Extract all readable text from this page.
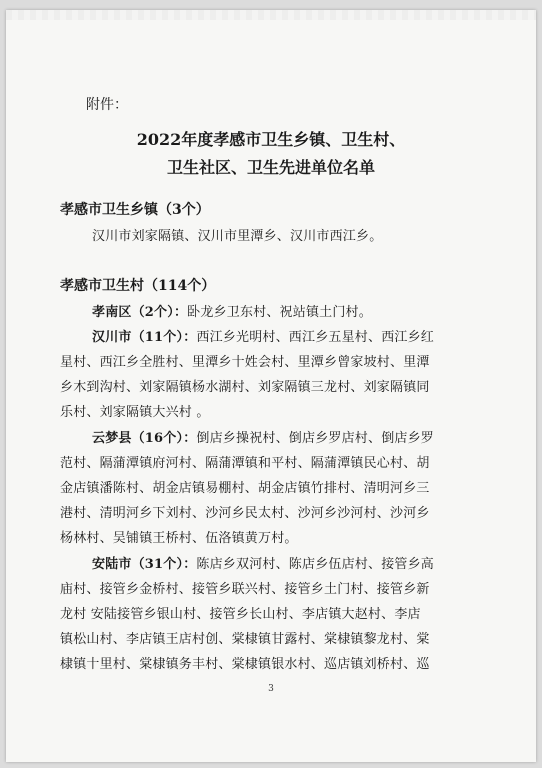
附件：
2022年度孝感市卫生乡镇、卫生村、
卫生社区、卫生先进单位名单
孝感市卫生乡镇（3个）
汉川市刘家隔镇、汉川市里潭乡、汉川市西江乡。
孝感市卫生村（114个）
孝南区（2个）：卧龙乡卫东村、祝站镇土门村。
汉川市（11个）：西江乡光明村、西江乡五星村、西江乡红
星村、西江乡全胜村、里潭乡十姓会村、里潭乡曾家坡村、里潭
乡木到沟村、刘家隔镇杨水湖村、刘家隔镇三龙村、刘家隔镇同
乐村、刘家隔镇大兴村 。
云梦县（16个）：倒店乡操祝村、倒店乡罗店村、倒店乡罗
范村、隔蒲潭镇府河村、隔蒲潭镇和平村、隔蒲潭镇民心村、胡
金店镇潘陈村、胡金店镇易棚村、胡金店镇竹排村、清明河乡三
港村、清明河乡下刘村、沙河乡民太村、沙河乡沙河村、沙河乡
杨林村、吴铺镇王桥村、伍洛镇黄万村。
安陆市（31个）：陈店乡双河村、陈店乡伍店村、接管乡高
庙村、接管乡金桥村、接管乡联兴村、接管乡土门村、接管乡新
龙村 安陆接管乡银山村、接管乡长山村、李店镇大赵村、李店
镇松山村、李店镇王店村创、棠棣镇甘露村、棠棣镇黎龙村、棠
棣镇十里村、棠棣镇务丰村、棠棣镇银水村、巡店镇刘桥村、巡
3
